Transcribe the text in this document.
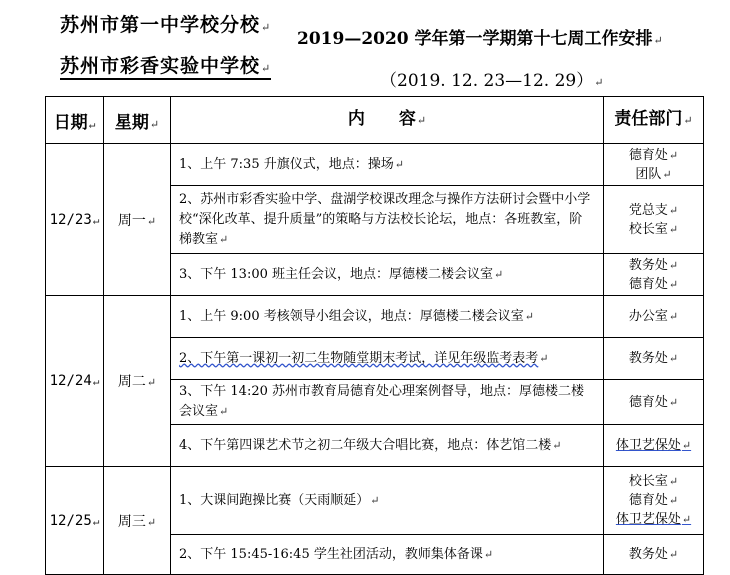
苏州市第一中学校分校↵
苏州市彩香实验中学校↵
2019—2020 学年第一学期第十七周工作安排↵
（2019. 12. 23—12. 29）↵
日期↵	星期↵	内　　容↵	责任部门↵
12/23↵	周一↵	1、上午 7:35 升旗仪式，地点：操场↵	德育处↵
团队↵

		2、苏州市彩香实验中学、盘湖学校课改理念与操作方法研讨会暨中小学校“深化改革、提升质量”的策略与方法校长论坛，地点：各班教室，阶梯教室↵	党总支↵
校长室↵

		3、下午 13:00 班主任会议，地点：厚德楼二楼会议室↵	教务处↵
德育处↵

12/24↵	周二↵	1、上午 9:00 考核领导小组会议，地点：厚德楼二楼会议室↵	办公室↵

		2、下午第一课初一初二生物随堂期末考试，详见年级监考表考↵	教务处↵

		3、下午 14:20 苏州市教育局德育处心理案例督导，地点：厚德楼二楼会议室↵	德育处↵

		4、下午第四课艺术节之初二年级大合唱比赛，地点：体艺馆二楼↵	体卫艺保处↵

12/25↵	周三↵	1、大课间跑操比赛（天雨顺延）↵	校长室↵
德育处↵
体卫艺保处↵

		2、下午 15:45-16:45 学生社团活动，教师集体备课↵	教务处↵
